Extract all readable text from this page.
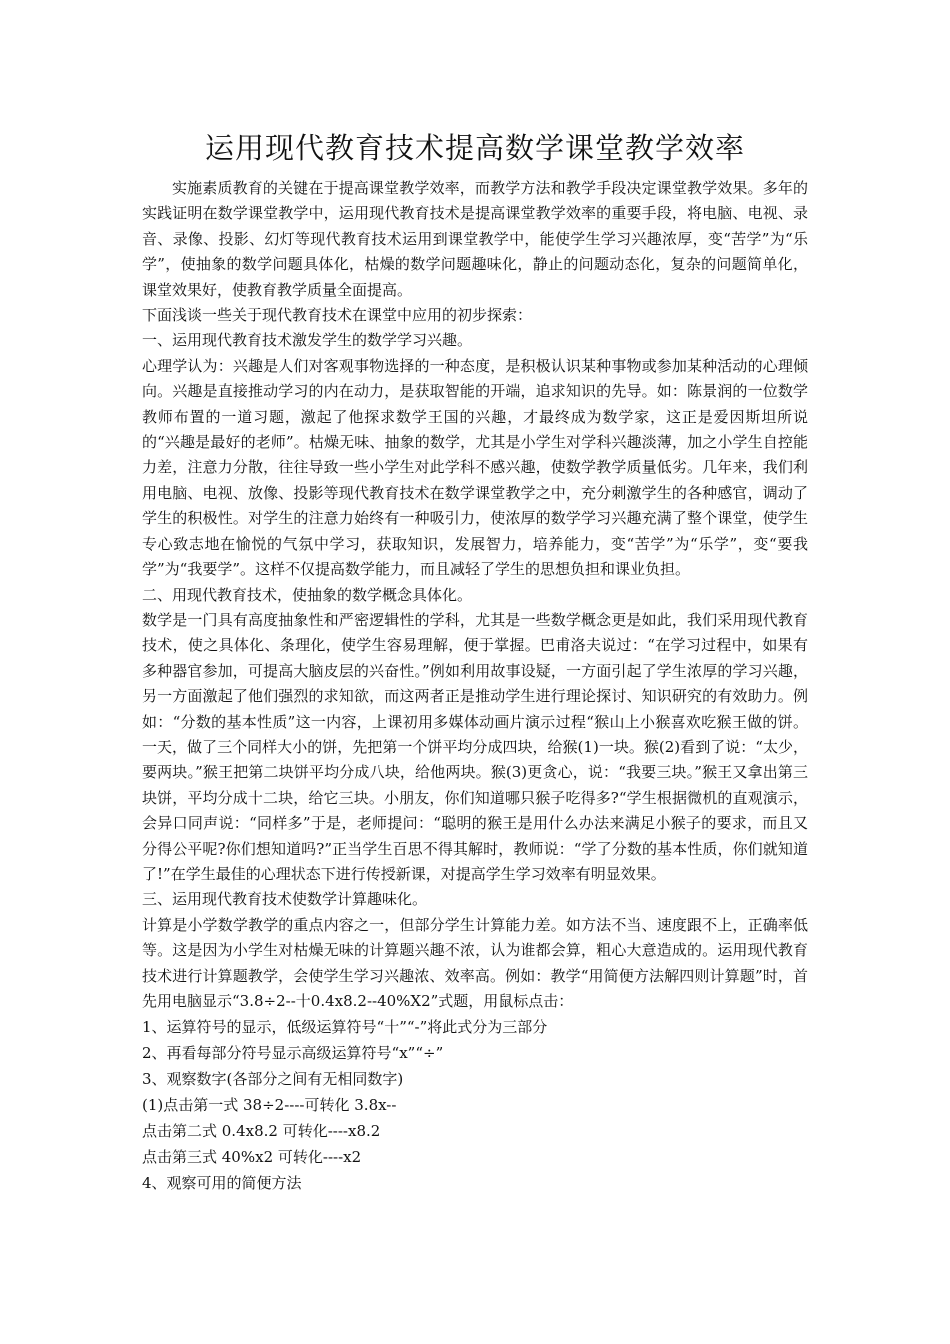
运用现代教育技术提高数学课堂教学效率

实施素质教育的关键在于提高课堂教学效率，而教学方法和教学手段决定课堂教学效果。多年的实践证明在数学课堂教学中，运用现代教育技术是提高课堂教学效率的重要手段，将电脑、电视、录音、录像、投影、幻灯等现代教育技术运用到课堂教学中，能使学生学习兴趣浓厚，变“苦学”为“乐学”，使抽象的数学问题具体化，枯燥的数学问题趣味化，静止的问题动态化，复杂的问题简单化，课堂效果好，使教育教学质量全面提高。

下面浅谈一些关于现代教育技术在课堂中应用的初步探索：

一、运用现代教育技术激发学生的数学学习兴趣。

心理学认为：兴趣是人们对客观事物选择的一种态度，是积极认识某种事物或参加某种活动的心理倾向。兴趣是直接推动学习的内在动力，是获取智能的开端，追求知识的先导。如：陈景润的一位数学教师布置的一道习题，激起了他探求数学王国的兴趣，才最终成为数学家，这正是爱因斯坦所说的“兴趣是最好的老师”。枯燥无味、抽象的数学，尤其是小学生对学科兴趣淡薄，加之小学生自控能力差，注意力分散，往往导致一些小学生对此学科不感兴趣，使数学教学质量低劣。几年来，我们利用电脑、电视、放像、投影等现代教育技术在数学课堂教学之中，充分刺激学生的各种感官，调动了学生的积极性。对学生的注意力始终有一种吸引力，使浓厚的数学学习兴趣充满了整个课堂，使学生专心致志地在愉悦的气氛中学习，获取知识，发展智力，培养能力，变“苦学”为“乐学”，变“要我学”为“我要学”。这样不仅提高数学能力，而且减轻了学生的思想负担和课业负担。

二、用现代教育技术，使抽象的数学概念具体化。

数学是一门具有高度抽象性和严密逻辑性的学科，尤其是一些数学概念更是如此，我们采用现代教育技术，使之具体化、条理化，使学生容易理解，便于掌握。巴甫洛夫说过：“在学习过程中，如果有多种器官参加，可提高大脑皮层的兴奋性。”例如利用故事设疑，一方面引起了学生浓厚的学习兴趣，另一方面激起了他们强烈的求知欲，而这两者正是推动学生进行理论探讨、知识研究的有效助力。例如：“分数的基本性质”这一内容，上课初用多媒体动画片演示过程“猴山上小猴喜欢吃猴王做的饼。一天，做了三个同样大小的饼，先把第一个饼平均分成四块，给猴(1)一块。猴(2)看到了说：“太少，要两块。”猴王把第二块饼平均分成八块，给他两块。猴(3)更贪心，说：“我要三块。”猴王又拿出第三块饼，平均分成十二块，给它三块。小朋友，你们知道哪只猴子吃得多?“学生根据微机的直观演示，会异口同声说：“同样多”于是，老师提问：“聪明的猴王是用什么办法来满足小猴子的要求，而且又分得公平呢?你们想知道吗?”正当学生百思不得其解时，教师说：“学了分数的基本性质，你们就知道了!”在学生最佳的心理状态下进行传授新课，对提高学生学习效率有明显效果。

三、运用现代教育技术使数学计算趣味化。

计算是小学数学教学的重点内容之一，但部分学生计算能力差。如方法不当、速度跟不上，正确率低等。这是因为小学生对枯燥无味的计算题兴趣不浓，认为谁都会算，粗心大意造成的。运用现代教育技术进行计算题教学，会使学生学习兴趣浓、效率高。例如：教学“用简便方法解四则计算题”时，首先用电脑显示“3.8÷2--十0.4x8.2--40%X2”式题，用鼠标点击：

1、运算符号的显示，低级运算符号“十”“-”将此式分为三部分

2、再看每部分符号显示高级运算符号“x”“÷”

3、观察数字(各部分之间有无相同数字)

(1)点击第一式 38÷2----可转化 3.8x--

点击第二式 0.4x8.2 可转化----x8.2

点击第三式 40%x2 可转化----x2

4、观察可用的简便方法
